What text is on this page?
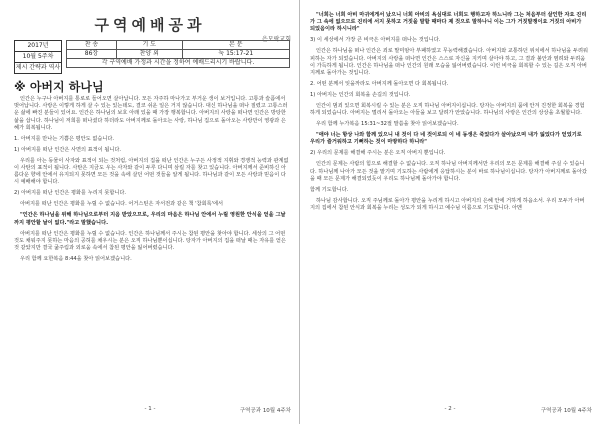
구역예배공과
은모락교회
2017년
10월 5주차
제시 간략과 역사
찬 송	기 도	본 문
86장	찬양 외	눅 15:17-21
각 구역예배 가정과 시간을 정하여 예배드리시기 바랍니다.		
※ 아버지 하나님

인간은 누구나 아버지를 통로로 들어오면 살아납니다. 모든 자주하 마나가고 부거운 생이 보거입니다. 고통과 슬픔에서 벗어납니다. 사랑은 이렇게 하게 살 수 있는 있는데도, 결코 쉬운 일은 거지 않습니다. 대신 하나님을 떠나 질렸고 고통스러운 삶에 빠진 분들이 있어요. 인간은 하나님의 보호 아래 있을 때 가장 행복합니다. 아버지의 사랑을 떠나면 인간은 방탕한 삶을 삽니다. 하나님이 저희를 떠나셨다 하더라도 아버지께로 돌아오는 사랑, 하나님 집으로 돌아오는 사랑만이 영광과 은혜가 회복됩니다.

1. 아버지를 만나는 기쁨은 평안도 없습니다.

1) 아버지를 떠난 인간은 사면의 표적이 됩니다.

우리를 아는 동물이 사자와 표적이 되는 것처럼, 아버지의 집을 떠난 인간은 누구든 사정적 지휘와 경쟁적 능력과 관계없이 사탄의 표적이 됩니다. 사탄은 지금도 우는 사자와 같이 두루 다니며 삼킬 자를 찾고 있습니다. 아버지께서 준비하신 아름다운 향에 안에서 유지되지 못하면 모든 것을 속에 살던 어떤 것들을 알게 됩니다. 하나님과 같이 모든 사랑과 믿음이 다시 예배해야 합니다.

2) 아버지를 떠난 인간은 평화를 누리지 못합니다.

아버지를 떠난 인간은 평화를 누릴 수 없습니다. 어거스틴은 자서전과 같은 책 '참회록'에서

"인간은 하나님을 위해 하나님으로부터 지음 받았으므로, 우리의 마음은 하나님 안에서 누릴 영원한 안식을 얻을 그날까지 평안할 날이 없다."라고 말했습니다.

아버지를 떠난 인간은 평화를 누릴 수 없습니다. 인간은 하나님께서 주시는 참된 평안을 찾아야 합니다. 세상의 그 어떤 것도 채워주지 못하는 마음의 공허를 채우시는 분은 오직 하나님뿐이십니다. 탕자가 아버지의 집을 떠날 때는 자유를 얻은 것 같았지만 결국 굶주림과 외로움 속에서 참된 평안을 잃어버렸습니다.

우리 함께 요한복음 8:44을 찾아 읽어보겠습니다.

- 1 -	구역공과 10월 4주차	- 2 -	구역공과 10월 4주차

"너희는 너희 아비 마귀에게서 났으니 너희 아비의 욕심대로 너희도 행하고자 하느니라 그는 처음부터 살인한 자요 진리가 그 속에 없으므로 진리에 서지 못하고 거짓을 말할 때마다 제 것으로 말하나니 이는 그가 거짓말쟁이요 거짓의 아비가 되었음이라 하시니라"

3) 이 세상에서 가장 큰 비극은 아버지를 떠나는 것입니다.

인간은 하나님을 떠나 인간은 죄로 말미암아 부패하였고 무능력해졌습니다. 아버지와 교통하던 위치에서 하나님을 두려워 피하는 자가 되었습니다. 아버지의 사랑을 떠나면 인간은 스스로 자신을 지키며 살아야 하고, 그 결과 불안과 염려와 두려움이 가득하게 됩니다. 인간은 하나님을 떠나 인간의 원래 모습을 잃어버렸습니다. 이런 비극을 회복할 수 있는 길은 오직 아버지께로 돌아가는 것입니다.

2. 어떤 분께서 잊을까라도 아버지께 돌아오면 다 회복됩니다.

1) 아버지는 인간의 회복을 손길의 것입니다.

인간이 범죄 있으면 회복시킬 수 있는 분은 오직 하나님 아버지이십니다. 탕자는 아버지의 품에 안겨 진정한 회복을 경험하게 되었습니다. 아버지는 멀리서 돌아오는 아들을 보고 달려가 안았습니다. 하나님의 사랑은 인간의 상상을 초월합니다.

우리 함께 누가복음 15:31~32절 말씀을 찾아 읽어보겠습니다.

"애야 너는 항상 나와 함께 있으니 내 것이 다 네 것이로되 이 네 동생은 죽었다가 살아났으며 내가 잃었다가 얻었기로 우리가 즐거워하고 기뻐하는 것이 마땅하다 하니라"

2) 우리의 문제를 해결해 주시는 분은 오직 아버지 뿐입니다.

인간의 문제는 사람의 힘으로 해결할 수 없습니다. 오직 하나님 아버지께서만 우리의 모든 문제를 해결해 주실 수 있습니다. 하나님께 나아가 모든 것을 맡기며 기도하는 사람에게 응답하시는 분이 바로 하나님이십니다. 탕자가 아버지께로 돌아갔을 때 모든 문제가 해결되었듯이 우리도 하나님께 돌아가야 합니다.

함께 기도합니다.

하나님 감사합니다. 오직 주님께로 돌아가 평안을 누리게 하시고 아버지의 은혜 안에 거하게 하옵소서. 우리 모두가 아버지의 집에서 참된 안식과 회복을 누리는 성도가 되게 하시고 예수님 이름으로 기도합니다. 아멘
